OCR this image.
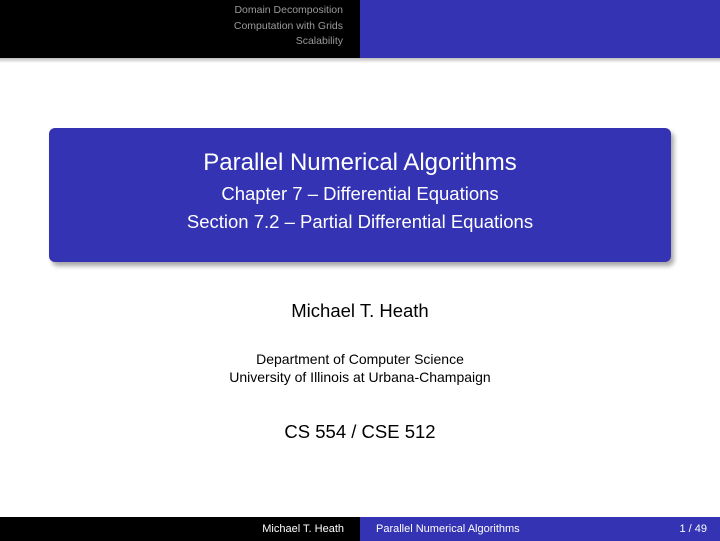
Domain Decomposition
Computation with Grids
Scalability
Parallel Numerical Algorithms
Chapter 7 – Differential Equations
Section 7.2 – Partial Differential Equations
Michael T. Heath
Department of Computer Science
University of Illinois at Urbana-Champaign
CS 554 / CSE 512
Michael T. Heath	Parallel Numerical Algorithms	1 / 49
